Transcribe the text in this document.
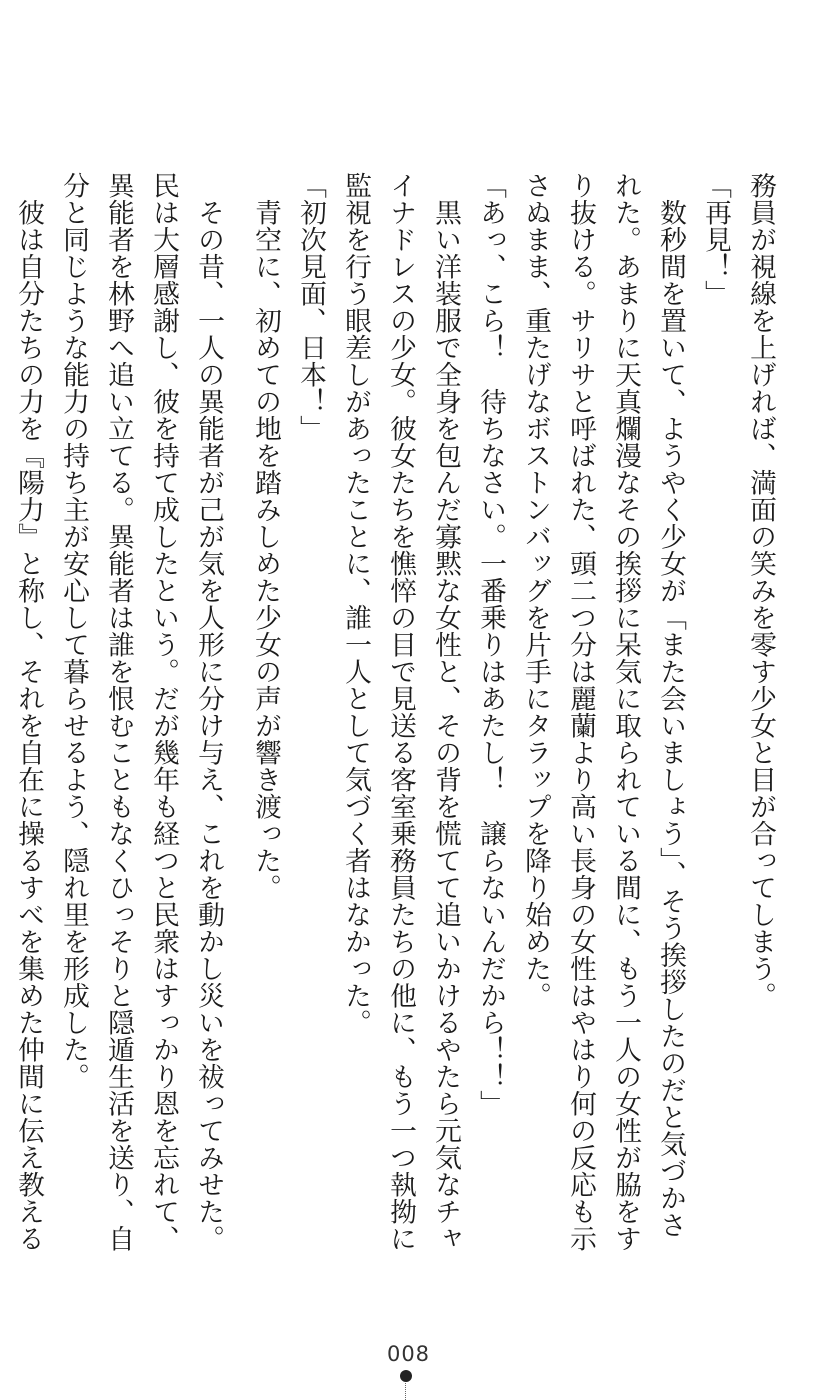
務員が視線を上げれば、満面の笑みを零す少女と目が合ってしまう。
「再見！」
　数秒間を置いて、ようやく少女が「また会いましょう」、そう挨拶したのだと気づかさ
れた。あまりに天真爛漫なその挨拶に呆気に取られている間に、もう一人の女性が脇をす
り抜ける。サリサと呼ばれた、頭二つ分は麗蘭より高い長身の女性はやはり何の反応も示
さぬまま、重たげなボストンバッグを片手にタラップを降り始めた。
「あっ、こら！　待ちなさい。一番乗りはあたし！　譲らないんだから！！」
　黒い洋装服で全身を包んだ寡黙な女性と、その背を慌てて追いかけるやたら元気なチャ
イナドレスの少女。彼女たちを憔悴の目で見送る客室乗務員たちの他に、もう一つ執拗に
監視を行う眼差しがあったことに、誰一人として気づく者はなかった。
「初次見面、日本！」
　青空に、初めての地を踏みしめた少女の声が響き渡った。
　その昔、一人の異能者が己が気を人形に分け与え、これを動かし災いを祓ってみせた。
民は大層感謝し、彼を持て成したという。だが幾年も経つと民衆はすっかり恩を忘れて、
異能者を林野へ追い立てる。異能者は誰を恨むこともなくひっそりと隠遁生活を送り、自
分と同じような能力の持ち主が安心して暮らせるよう、隠れ里を形成した。
　彼は自分たちの力を『陽力』と称し、それを自在に操るすべを集めた仲間に伝え教える
008
